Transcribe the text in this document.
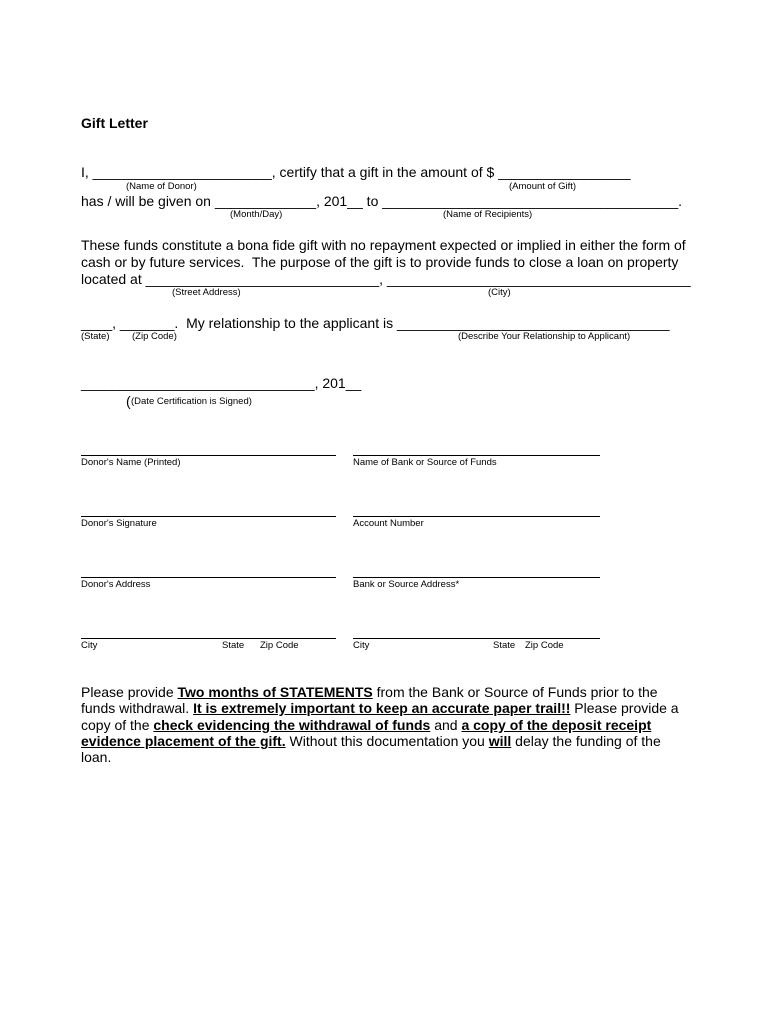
Gift Letter
I, _______________________, certify that a gift in the amount of $ _________________
(Name of Donor)	(Amount of Gift)
has / will be given on _____________, 201__ to ______________________________________.
(Month/Day)	(Name of Recipients)
These funds constitute a bona fide gift with no repayment expected or implied in either the form of
cash or by future services.  The purpose of the gift is to provide funds to close a loan on property
located at ______________________________, _______________________________________
(Street Address)	(City)
____, _______.  My relationship to the applicant is ___________________________________
(State) (Zip Code)	(Describe Your Relationship to Applicant)
______________________________, 201__
( (Date Certification is Signed)
Donor's Name (Printed)	Name of Bank or Source of Funds
Donor's Signature	Account Number
Donor's Address	Bank or Source Address*
City	State Zip Code	City	State Zip Code
Please provide Two months of STATEMENTS from the Bank or Source of Funds prior to the funds withdrawal. It is extremely important to keep an accurate paper trail!! Please provide a copy of the check evidencing the withdrawal of funds and a copy of the deposit receipt evidence placement of the gift. Without this documentation you will delay the funding of the loan.
